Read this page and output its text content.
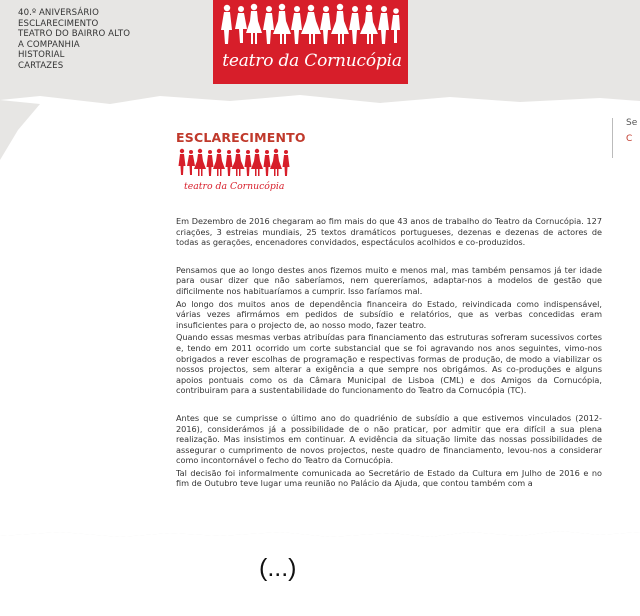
40.º ANIVERSÁRIO
ESCLARECIMENTO
TEATRO DO BAIRRO ALTO
A COMPANHIA
HISTORIAL
CARTAZES	teatro da Cornucópia
Se
C
ESCLARECIMENTO
teatro da Cornucópia

Em Dezembro de 2016 chegaram ao fim mais do que 43 anos de trabalho do Teatro da Cornucópia. 127 criações, 3 estreias mundiais, 25 textos dramáticos portugueses, dezenas e dezenas de actores de todas as gerações, encenadores convidados, espectáculos acolhidos e co-produzidos.

Pensamos que ao longo destes anos fizemos muito e menos mal, mas também pensamos já ter idade para ousar dizer que não saberíamos, nem quereríamos, adaptar-nos a modelos de gestão que dificilmente nos habituaríamos a cumprir. Isso faríamos mal.

Ao longo dos muitos anos de dependência financeira do Estado, reivindicada como indispensável, várias vezes afirmámos em pedidos de subsídio e relatórios, que as verbas concedidas eram insuficientes para o projecto de, ao nosso modo, fazer teatro.

Quando essas mesmas verbas atribuídas para financiamento das estruturas sofreram sucessivos cortes e, tendo em 2011 ocorrido um corte substancial que se foi agravando nos anos seguintes, vimo-nos obrigados a rever escolhas de programação e respectivas formas de produção, de modo a viabilizar os nossos projectos, sem alterar a exigência a que sempre nos obrigámos. As co-produções e alguns apoios pontuais como os da Câmara Municipal de Lisboa (CML) e dos Amigos da Cornucópia, contribuiram para a sustentabilidade do funcionamento do Teatro da Cornucópia (TC).

Antes que se cumprisse o último ano do quadriénio de subsídio a que estivemos vinculados (2012-2016), considerámos já a possibilidade de o não praticar, por admitir que era difícil a sua plena realização. Mas insistimos em continuar. A evidência da situação limite das nossas possibilidades de assegurar o cumprimento de novos projectos, neste quadro de financiamento, levou-nos a considerar como incontornável o fecho do Teatro da Cornucópia.

Tal decisão foi informalmente comunicada ao Secretário de Estado da Cultura em Julho de 2016 e no fim de Outubro teve lugar uma reunião no Palácio da Ajuda, que contou também com a

(...)
